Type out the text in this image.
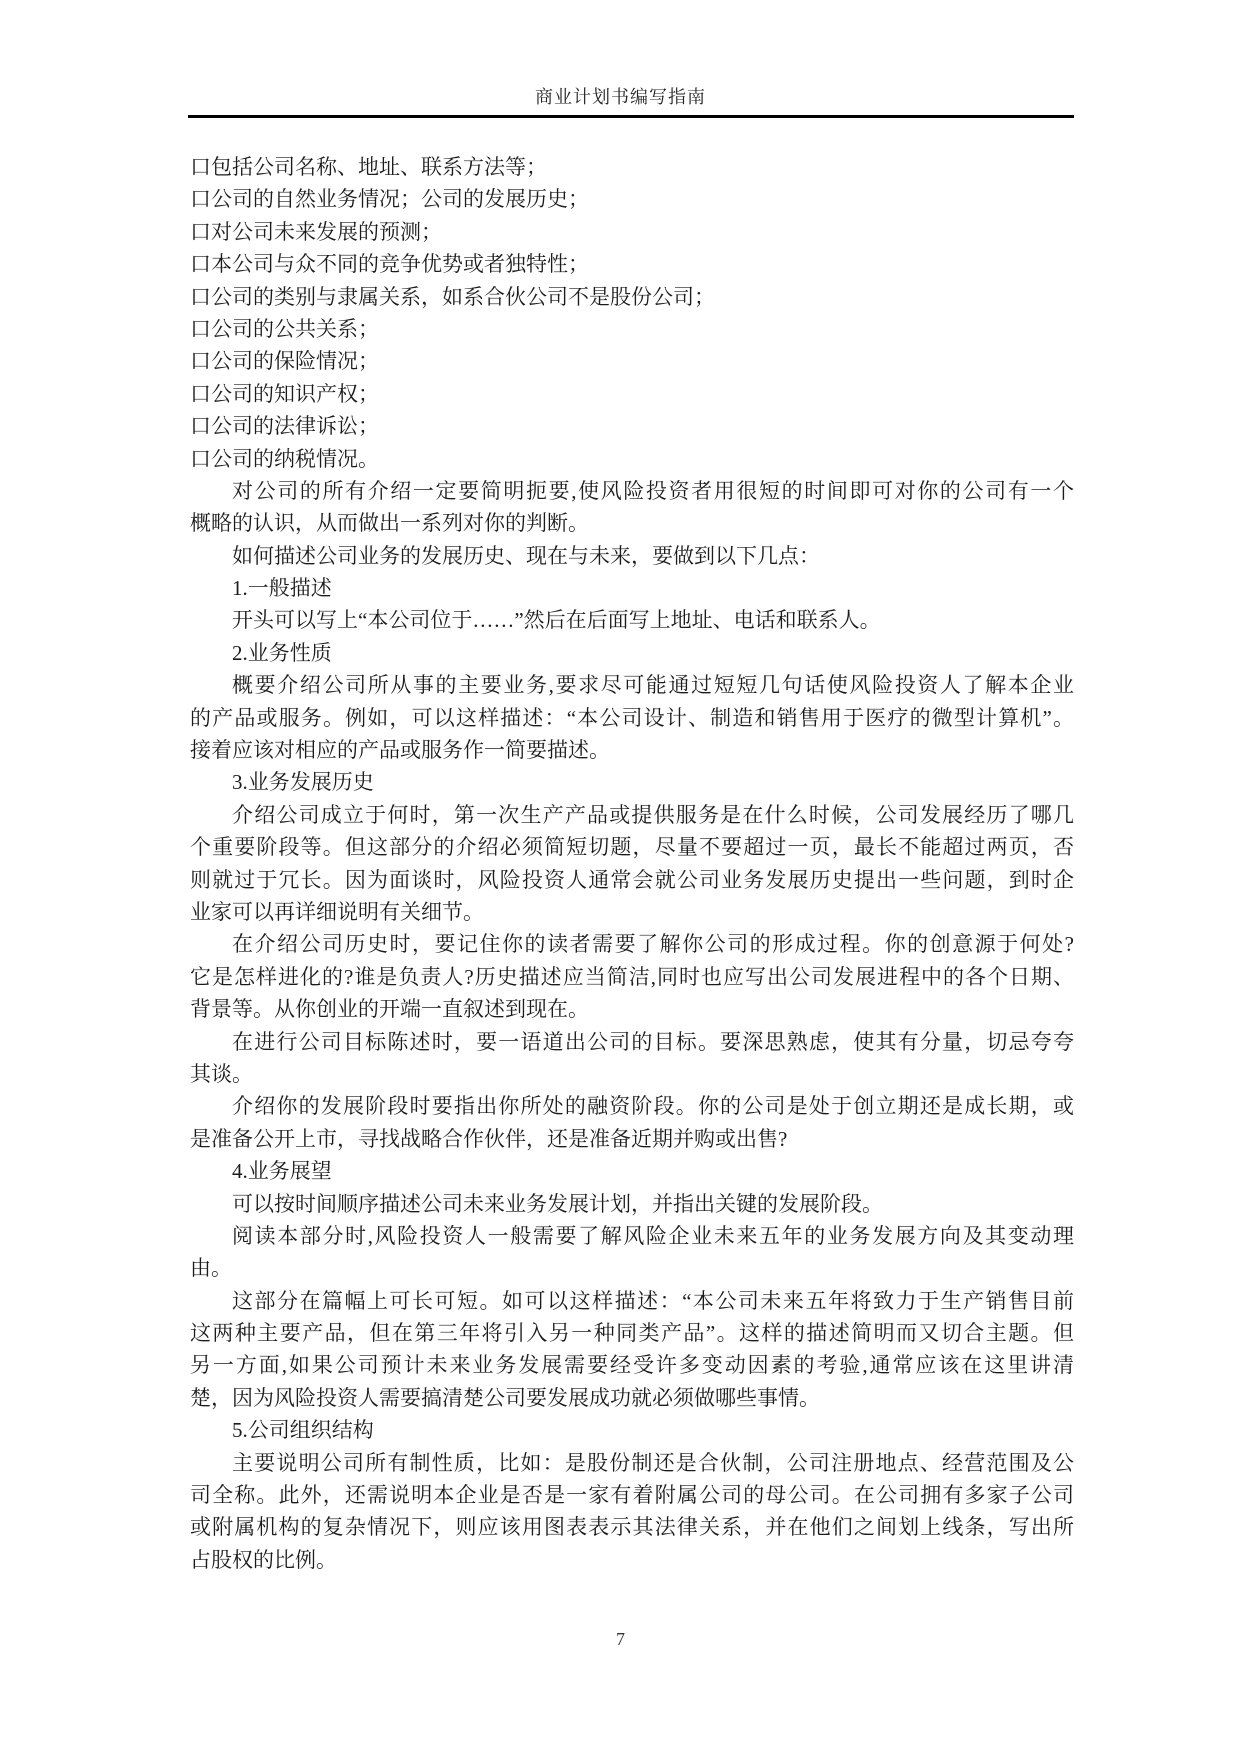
商业计划书编写指南
口包括公司名称、地址、联系方法等；
口公司的自然业务情况；公司的发展历史；
口对公司未来发展的预测；
口本公司与众不同的竞争优势或者独特性；
口公司的类别与隶属关系，如系合伙公司不是股份公司；
口公司的公共关系；
口公司的保险情况；
口公司的知识产权；
口公司的法律诉讼；
口公司的纳税情况。
对公司的所有介绍一定要简明扼要,使风险投资者用很短的时间即可对你的公司有一个
概略的认识，从而做出一系列对你的判断。
如何描述公司业务的发展历史、现在与未来，要做到以下几点：
1.一般描述
开头可以写上“本公司位于……”然后在后面写上地址、电话和联系人。
2.业务性质
概要介绍公司所从事的主要业务,要求尽可能通过短短几句话使风险投资人了解本企业
的产品或服务。例如，可以这样描述：“本公司设计、制造和销售用于医疗的微型计算机”。
接着应该对相应的产品或服务作一简要描述。
3.业务发展历史
介绍公司成立于何时，第一次生产产品或提供服务是在什么时候，公司发展经历了哪几
个重要阶段等。但这部分的介绍必须简短切题，尽量不要超过一页，最长不能超过两页，否
则就过于冗长。因为面谈时，风险投资人通常会就公司业务发展历史提出一些问题，到时企
业家可以再详细说明有关细节。
在介绍公司历史时，要记住你的读者需要了解你公司的形成过程。你的创意源于何处?
它是怎样进化的?谁是负责人?历史描述应当简洁,同时也应写出公司发展进程中的各个日期、
背景等。从你创业的开端一直叙述到现在。
在进行公司目标陈述时，要一语道出公司的目标。要深思熟虑，使其有分量，切忌夸夸
其谈。
介绍你的发展阶段时要指出你所处的融资阶段。你的公司是处于创立期还是成长期，或
是准备公开上市，寻找战略合作伙伴，还是准备近期并购或出售?
4.业务展望
可以按时间顺序描述公司未来业务发展计划，并指出关键的发展阶段。
阅读本部分时,风险投资人一般需要了解风险企业未来五年的业务发展方向及其变动理
由。
这部分在篇幅上可长可短。如可以这样描述：“本公司未来五年将致力于生产销售目前
这两种主要产品，但在第三年将引入另一种同类产品”。这样的描述简明而又切合主题。但
另一方面,如果公司预计未来业务发展需要经受许多变动因素的考验,通常应该在这里讲清
楚，因为风险投资人需要搞清楚公司要发展成功就必须做哪些事情。
5.公司组织结构
主要说明公司所有制性质，比如：是股份制还是合伙制，公司注册地点、经营范围及公
司全称。此外，还需说明本企业是否是一家有着附属公司的母公司。在公司拥有多家子公司
或附属机构的复杂情况下，则应该用图表表示其法律关系，并在他们之间划上线条，写出所
占股权的比例。
7
